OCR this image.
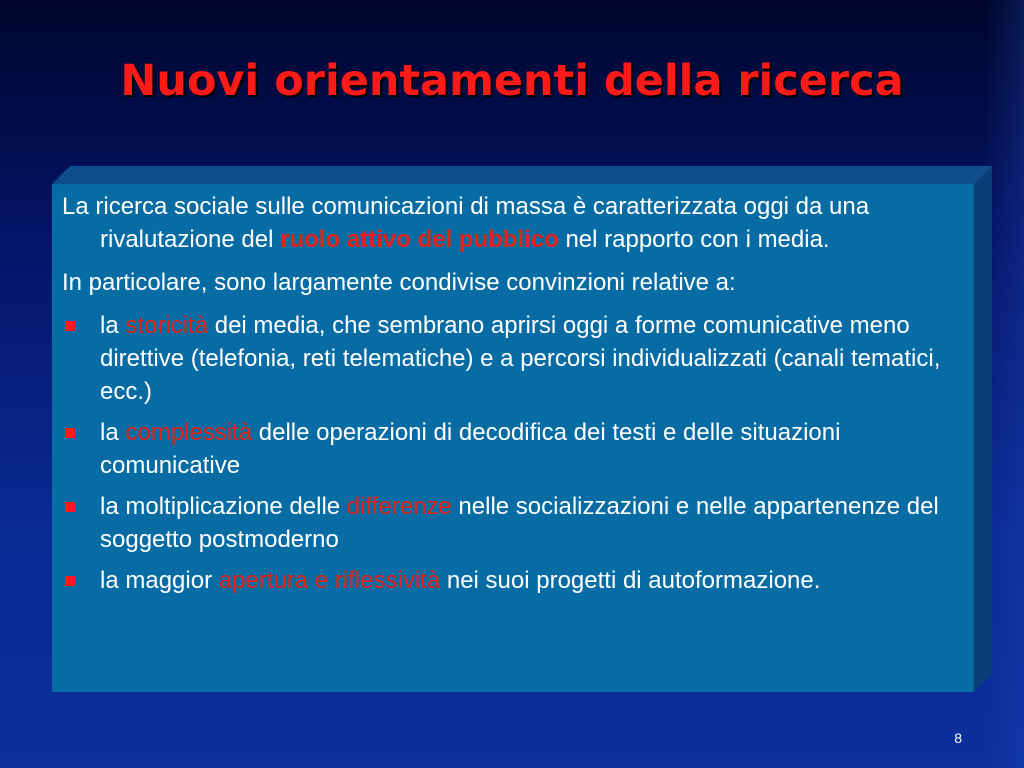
Nuovi orientamenti della ricerca

La ricerca sociale sulle comunicazioni di massa è caratterizzata oggi da una rivalutazione del ruolo attivo del pubblico nel rapporto con i media.

In particolare, sono largamente condivise convinzioni relative a:

la storicità dei media, che sembrano aprirsi oggi a forme comunicative meno direttive (telefonia, reti telematiche) e a percorsi individualizzati (canali tematici, ecc.)
la complessità delle operazioni di decodifica dei testi e delle situazioni comunicative
la moltiplicazione delle differenze nelle socializzazioni e nelle appartenenze del soggetto postmoderno
la maggior apertura e riflessività nei suoi progetti di autoformazione.
8
